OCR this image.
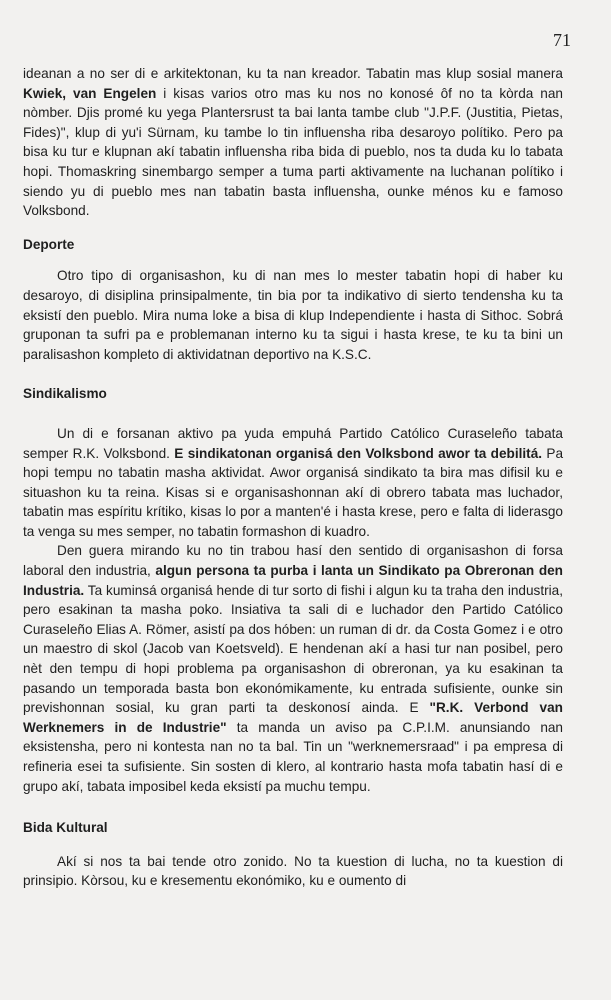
71

ideanan a no ser di e arkitektonan, ku ta nan kreador. Tabatin mas klup sosial manera Kwiek, van Engelen i kisas varios otro mas ku nos no konosé ôf no ta kòrda nan nòmber. Djis promé ku yega Plantersrust ta bai lanta tambe club "J.P.F. (Justitia, Pietas, Fides)", klup di yu'i Sürnam, ku tambe lo tin influensha riba desaroyo polítiko. Pero pa bisa ku tur e klupnan akí tabatin influensha riba bida di pueblo, nos ta duda ku lo tabata hopi. Thomaskring sinembargo semper a tuma parti aktivamente na luchanan polítiko i siendo yu di pueblo mes nan tabatin basta influensha, ounke ménos ku e famoso Volksbond.

Deporte

Otro tipo di organisashon, ku di nan mes lo mester tabatin hopi di haber ku desaroyo, di disiplina prinsipalmente, tin bia por ta indikativo di sierto tendensha ku ta eksistí den pueblo. Mira numa loke a bisa di klup Independiente i hasta di Sithoc. Sobrá gruponan ta sufri pa e problemanan interno ku ta sigui i hasta krese, te ku ta bini un paralisashon kompleto di aktividatnan deportivo na K.S.C.

Sindikalismo

Un di e forsanan aktivo pa yuda empuhá Partido Católico Curaseleño tabata semper R.K. Volksbond. E sindikatonan organisá den Volksbond awor ta debilitá. Pa hopi tempu no tabatin masha aktividat. Awor organisá sindikato ta bira mas difisil ku e situashon ku ta reina. Kisas si e organisashonnan akí di obrero tabata mas luchador, tabatin mas espíritu krítiko, kisas lo por a manten'é i hasta krese, pero e falta di liderasgo ta venga su mes semper, no tabatin formashon di kuadro.

Den guera mirando ku no tin trabou hasí den sentido di organisashon di forsa laboral den industria, algun persona ta purba i lanta un Sindikato pa Obreronan den Industria. Ta kuminsá organisá hende di tur sorto di fishi i algun ku ta traha den industria, pero esakinan ta masha poko. Insiativa ta sali di e luchador den Partido Católico Curaseleño Elias A. Römer, asistí pa dos hóben: un ruman di dr. da Costa Gomez i e otro un maestro di skol (Jacob van Koetsveld). E hendenan akí a hasi tur nan posibel, pero nèt den tempu di hopi problema pa organisashon di obreronan, ya ku esakinan ta pasando un temporada basta bon ekonómikamente, ku entrada sufisiente, ounke sin previshonnan sosial, ku gran parti ta deskonosí ainda. E "R.K. Verbond van Werknemers in de Industrie" ta manda un aviso pa C.P.I.M. anunsiando nan eksistensha, pero ni kontesta nan no ta bal. Tin un "werknemersraad" i pa empresa di refineria esei ta sufisiente. Sin sosten di klero, al kontrario hasta mofa tabatin hasí di e grupo akí, tabata imposibel keda eksistí pa muchu tempu.

Bida Kultural

Akí si nos ta bai tende otro zonido. No ta kuestion di lucha, no ta kuestion di prinsipio. Kòrsou, ku e kresementu ekonómiko, ku e oumento di
